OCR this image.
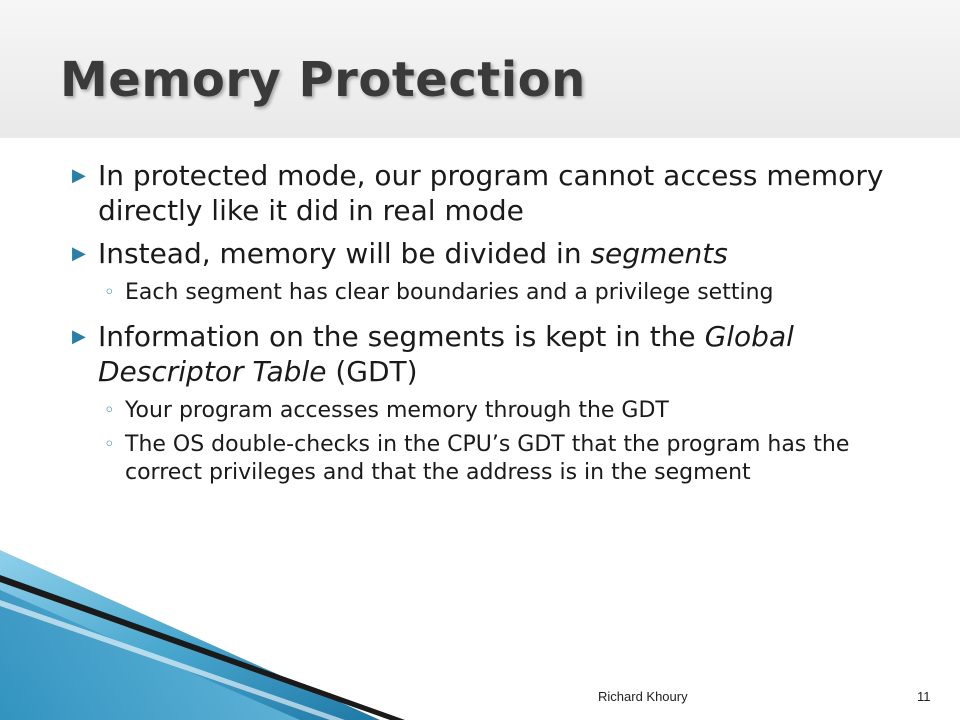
Memory Protection
▶ In protected mode, our program cannot access memory directly like it did in real mode
▶ Instead, memory will be divided in segments
◦ Each segment has clear boundaries and a privilege setting
▶ Information on the segments is kept in the Global Descriptor Table (GDT)
◦ Your program accesses memory through the GDT
◦ The OS double-checks in the CPU’s GDT that the program has the correct privileges and that the address is in the segment
Richard Khoury	11
